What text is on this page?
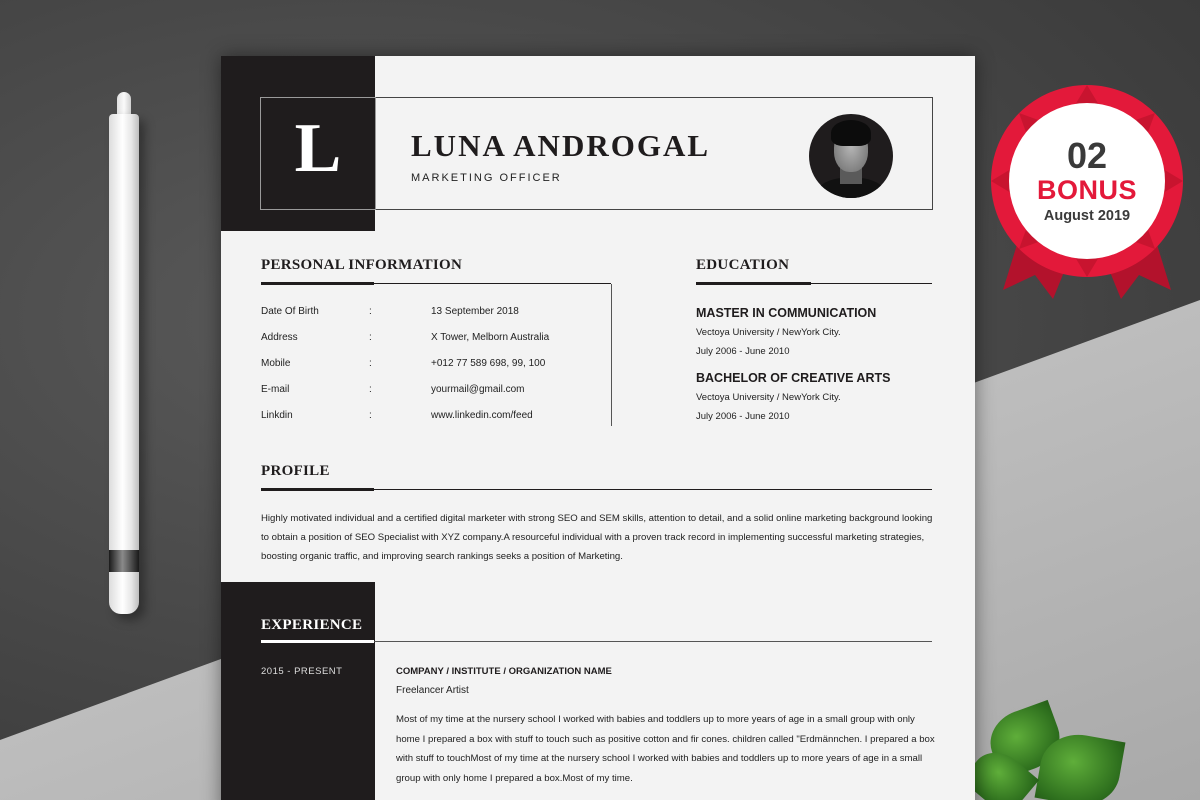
L	LUNA ANDROGAL
MARKETING OFFICER
PERSONAL INFORMATION
Date Of Birth	:	13 September 2018
Address	:	X Tower, Melborn Australia
Mobile	:	+012 77 589 698, 99, 100
E-mail	:	yourmail@gmail.com
Linkdin	:	www.linkedin.com/feed
EDUCATION
MASTER IN COMMUNICATION
Vectoya University / NewYork City.
July 2006 - June 2010
BACHELOR OF CREATIVE ARTS
Vectoya University / NewYork City.
July 2006 - June 2010
PROFILE
Highly motivated individual and a certified digital marketer with strong SEO and SEM skills, attention to detail, and a solid online marketing background looking to obtain a position of SEO Specialist with XYZ company.A resourceful individual with a proven track record in implementing successful marketing strategies, boosting organic traffic, and improving search rankings seeks a position of Marketing.
EXPERIENCE
2015 - PRESENT	COMPANY / INSTITUTE / ORGANIZATION NAME
Freelancer Artist
Most of my time at the nursery school I worked with babies and toddlers up to more years of age in a small group with only home I prepared a box with stuff to touch such as positive cotton and fir cones. children called "Erdmännchen. I prepared a box with stuff to touchMost of my time at the nursery school I worked with babies and toddlers up to more years of age in a small group with only home I prepared a box.Most of my time.
02
BONUS
August 2019
